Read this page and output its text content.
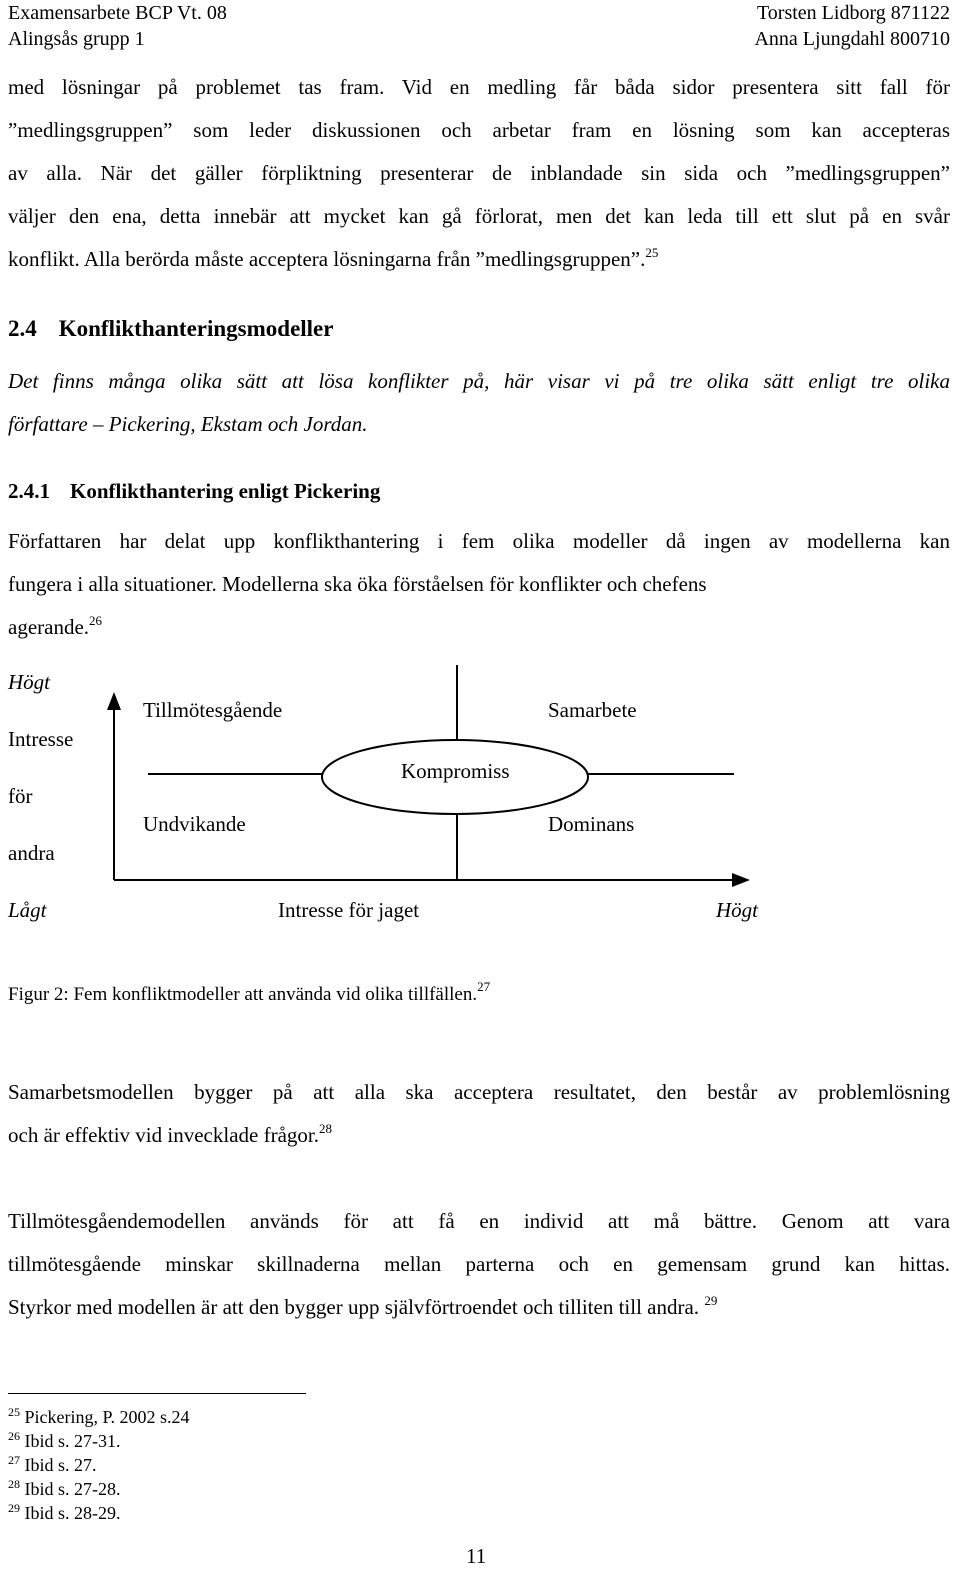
Examensarbete BCP Vt. 08
Alingsås grupp 1
Torsten Lidborg 871122
Anna Ljungdahl 800710
med lösningar på problemet tas fram. Vid en medling får båda sidor presentera sitt fall för
”medlingsgruppen” som leder diskussionen och arbetar fram en lösning som kan accepteras
av alla. När det gäller förpliktning presenterar de inblandade sin sida och ”medlingsgruppen”
väljer den ena, detta innebär att mycket kan gå förlorat, men det kan leda till ett slut på en svår
konflikt. Alla berörda måste acceptera lösningarna från ”medlingsgruppen”.$^{25}$
2.4 Konflikthanteringsmodeller
Det finns många olika sätt att lösa konflikter på, här visar vi på tre olika sätt enligt tre olika
författare – Pickering, Ekstam och Jordan.
2.4.1 Konflikthantering enligt Pickering
Författaren har delat upp konflikthantering i fem olika modeller då ingen av modellerna kan
fungera i alla situationer. Modellerna ska öka förståelsen för konflikter och chefens
agerande.$^{26}$
Högt
Intresse
för
andra
Tillmötesgående	Samarbete
Kompromiss
Undvikande	Dominans
Lågt	Intresse för jaget	Högt
Figur 2: Fem konfliktmodeller att använda vid olika tillfällen.$^{27}$
Samarbetsmodellen bygger på att alla ska acceptera resultatet, den består av problemlösning
och är effektiv vid invecklade frågor.$^{28}$
Tillmötesgåendemodellen används för att få en individ att må bättre. Genom att vara
tillmötesgående minskar skillnaderna mellan parterna och en gemensam grund kan hittas.
Styrkor med modellen är att den bygger upp självförtroendet och tilliten till andra. $^{29}$
$^{25}$ Pickering, P. 2002 s.24
$^{26}$ Ibid s. 27-31.
$^{27}$ Ibid s. 27.
$^{28}$ Ibid s. 27-28.
$^{29}$ Ibid s. 28-29.
11
